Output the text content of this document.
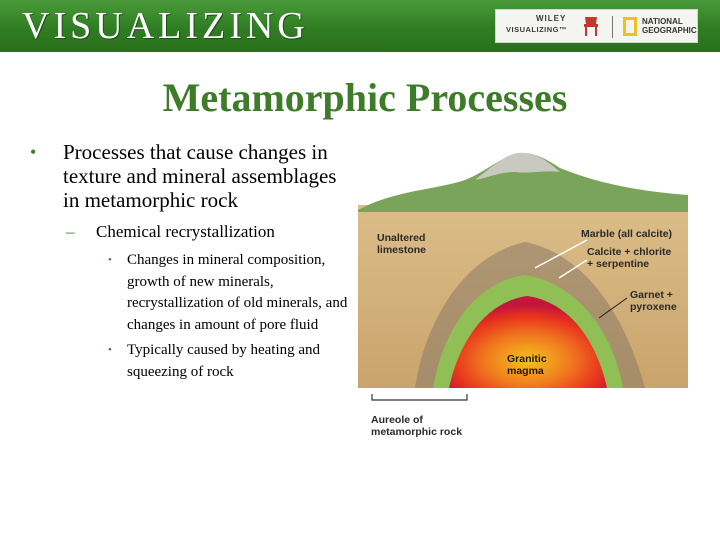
VISUALIZING	WILEY
VISUALIZING™
NATIONAL
GEOGRAPHIC
Metamorphic Processes
• Processes that cause changes in texture and mineral assemblages in metamorphic rock
– Chemical recrystallization
• Changes in mineral composition, growth of new minerals, recrystallization of old minerals, and changes in amount of pore fluid
• Typically caused by heating and squeezing of rock
Unaltered
limestone
Marble (all calcite)
Calcite + chlorite
+ serpentine
Garnet +
pyroxene
Granitic
magma
Aureole of
metamorphic rock
